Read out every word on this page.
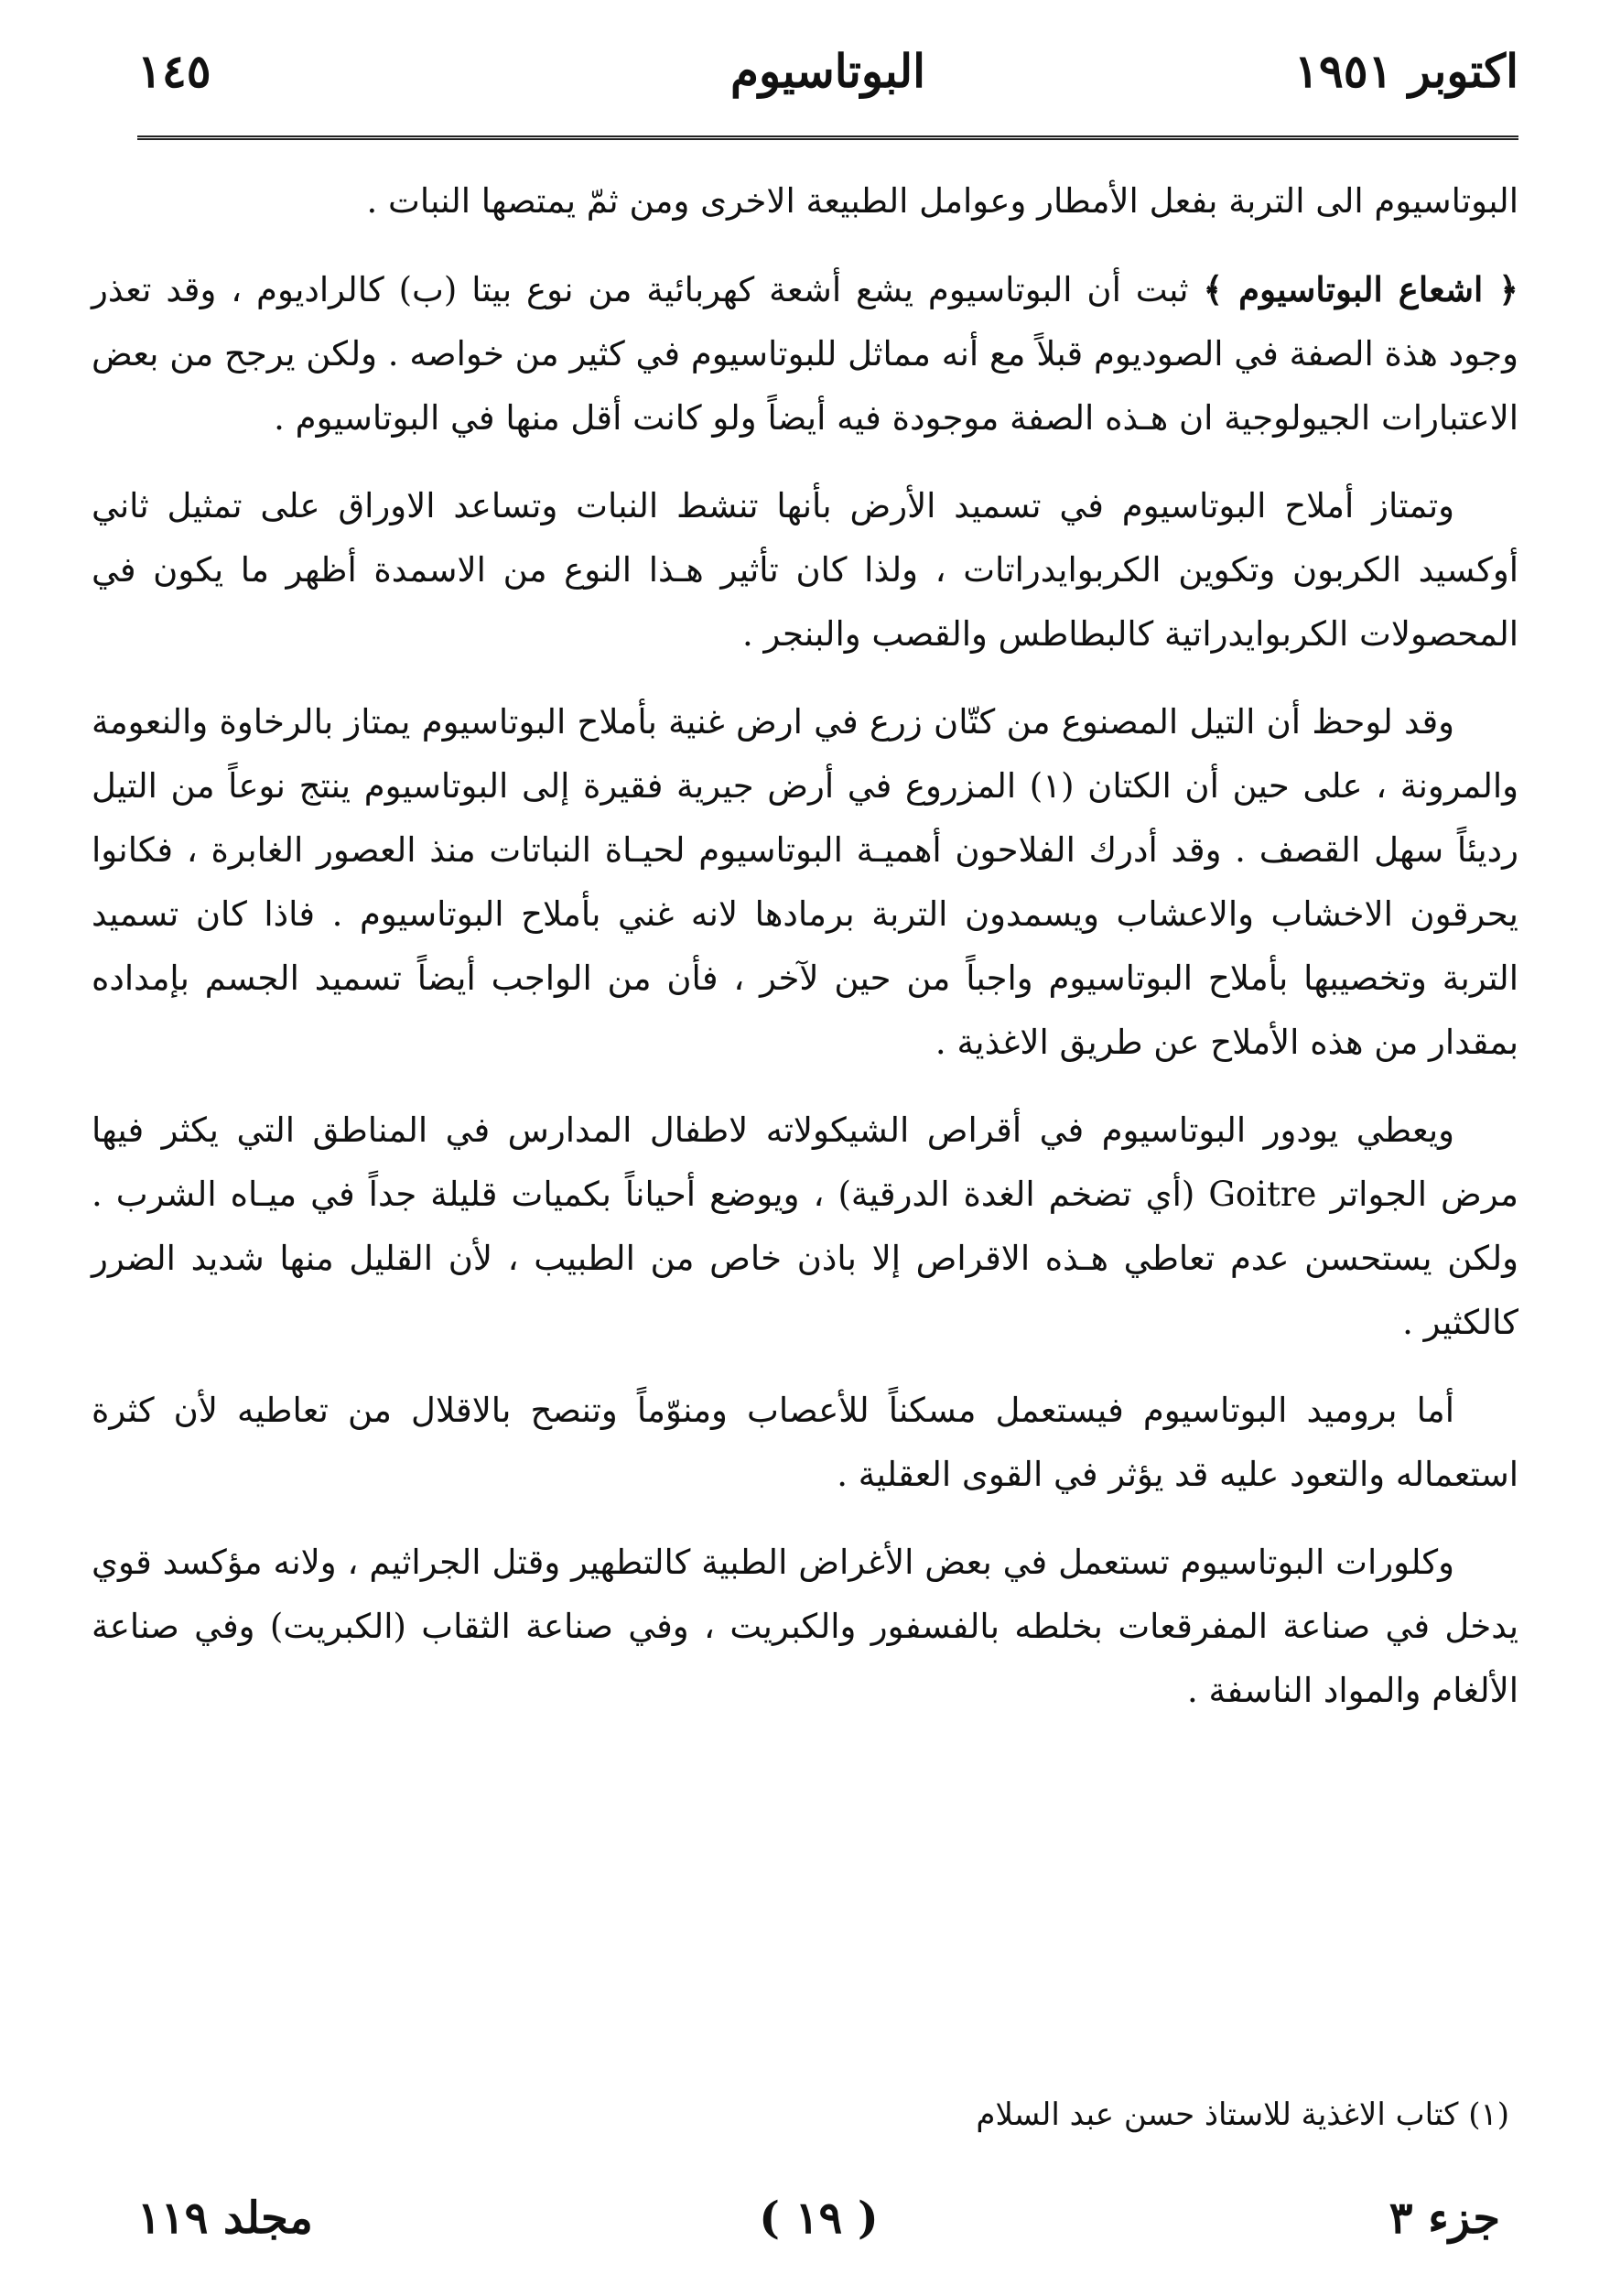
اكتوبر ١٩٥١
البوتاسيوم
١٤٥

البوتاسيوم الى التربة بفعل الأمطار وعوامل الطبيعة الاخرى ومن ثمّ يمتصها النبات .

﴿ اشعاع البوتاسيوم ﴾ ثبت أن البوتاسيوم يشع أشعة كهربائية من نوع بيتا (ب) كالراديوم ، وقد تعذر وجود هذة الصفة في الصوديوم قبلاً مع أنه مماثل للبوتاسيوم في كثير من خواصه . ولكن يرجح من بعض الاعتبارات الجيولوجية ان هـذه الصفة موجودة فيه أيضاً ولو كانت أقل منها في البوتاسيوم .

وتمتاز أملاح البوتاسيوم في تسميد الأرض بأنها تنشط النبات وتساعد الاوراق على تمثيل ثاني أوكسيد الكربون وتكوين الكربوايدراتات ، ولذا كان تأثير هـذا النوع من الاسمدة أظهر ما يكون في المحصولات الكربوايدراتية كالبطاطس والقصب والبنجر .

وقد لوحظ أن التيل المصنوع من كتّان زرع في ارض غنية بأملاح البوتاسيوم يمتاز بالرخاوة والنعومة والمرونة ، على حين أن الكتان (١) المزروع في أرض جيرية فقيرة إلى البوتاسيوم ينتج نوعاً من التيل رديئاً سهل القصف . وقد أدرك الفلاحون أهميـة البوتاسيوم لحيـاة النباتات منذ العصور الغابرة ، فكانوا يحرقون الاخشاب والاعشاب ويسمدون التربة برمادها لانه غني بأملاح البوتاسيوم . فاذا كان تسميد التربة وتخصيبها بأملاح البوتاسيوم واجباً من حين لآخر ، فأن من الواجب أيضاً تسميد الجسم بإمداده بمقدار من هذه الأملاح عن طريق الاغذية .

ويعطي يودور البوتاسيوم في أقراص الشيكولاته لاطفال المدارس في المناطق التي يكثر فيها مرض الجواتر Goitre (أي تضخم الغدة الدرقية) ، ويوضع أحياناً بكميات قليلة جداً في ميـاه الشرب . ولكن يستحسن عدم تعاطي هـذه الاقراص إلا باذن خاص من الطبيب ، لأن القليل منها شديد الضرر كالكثير .

أما بروميد البوتاسيوم فيستعمل مسكناً للأعصاب ومنوّماً وتنصح بالاقلال من تعاطيه لأن كثرة استعماله والتعود عليه قد يؤثر في القوى العقلية .

وكلورات البوتاسيوم تستعمل في بعض الأغراض الطبية كالتطهير وقتل الجراثيم ، ولانه مؤكسد قوي يدخل في صناعة المفرقعات بخلطه بالفسفور والكبريت ، وفي صناعة الثقاب (الكبريت) وفي صناعة الألغام والمواد الناسفة .

(١) كتاب الاغذية للاستاذ حسن عبد السلام
جزء ٣
( ١٩ )
مجلد ١١٩
